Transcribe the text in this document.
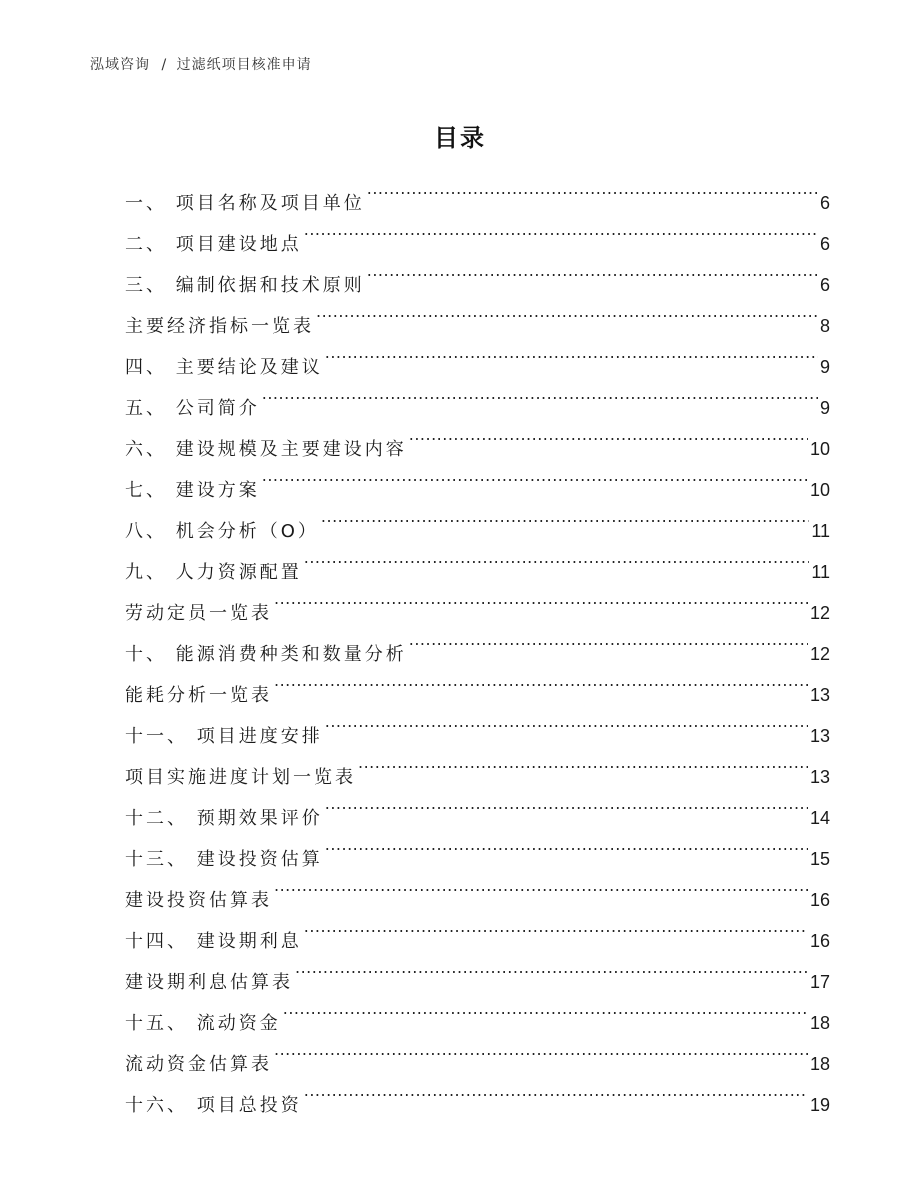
泓域咨询 / 过滤纸项目核准申请
目录
一、 项目名称及项目单位 .....	6
二、 项目建设地点 .....	6
三、 编制依据和技术原则 .....	6
主要经济指标一览表 .....	8
四、 主要结论及建议 .....	9
五、 公司简介 .....	9
六、 建设规模及主要建设内容 .....	10
七、 建设方案 .....	10
八、 机会分析（O） .....	11
九、 人力资源配置 .....	11
劳动定员一览表 .....	12
十、 能源消费种类和数量分析 .....	12
能耗分析一览表 .....	13
十一、 项目进度安排 .....	13
项目实施进度计划一览表 .....	13
十二、 预期效果评价 .....	14
十三、 建设投资估算 .....	15
建设投资估算表 .....	16
十四、 建设期利息 .....	16
建设期利息估算表 .....	17
十五、 流动资金 .....	18
流动资金估算表 .....	18
十六、 项目总投资 .....	19
